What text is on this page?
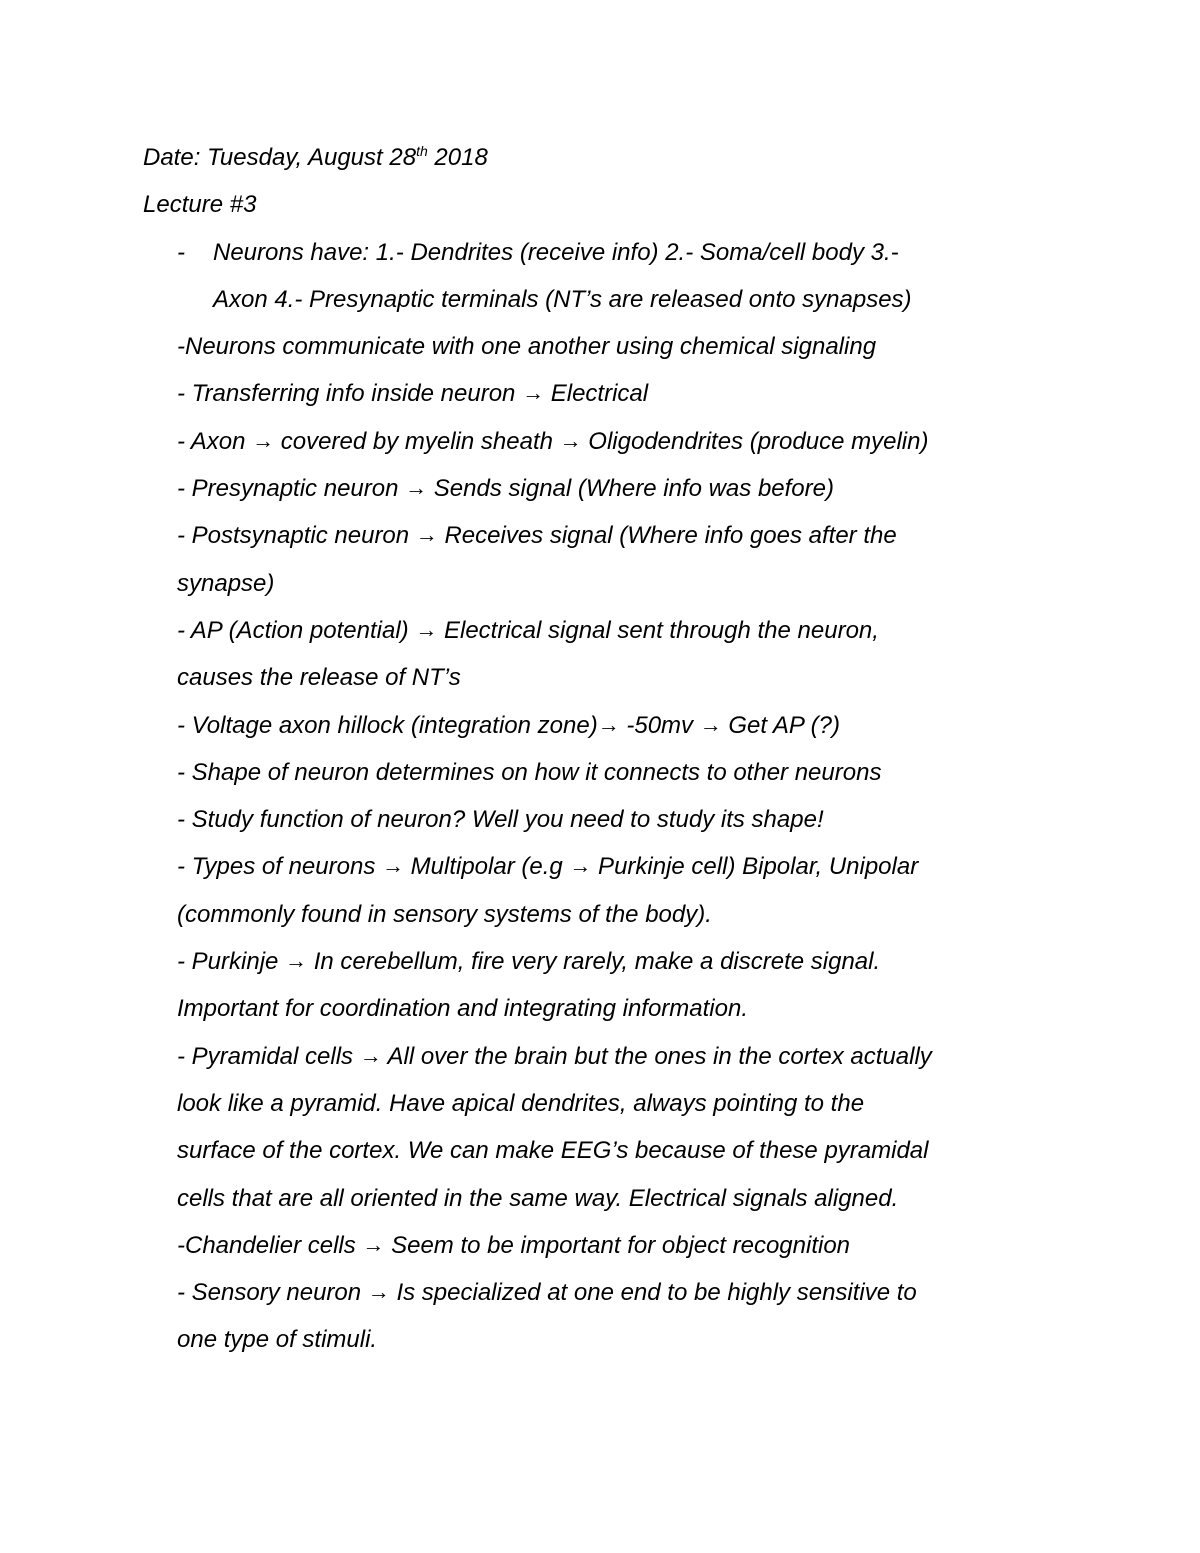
Date: Tuesday, August 28th 2018
Lecture #3
- Neurons have: 1.- Dendrites (receive info) 2.- Soma/cell body 3.-
Axon 4.- Presynaptic terminals (NT’s are released onto synapses)
-Neurons communicate with one another using chemical signaling
- Transferring info inside neuron → Electrical
- Axon → covered by myelin sheath → Oligodendrites (produce myelin)
- Presynaptic neuron → Sends signal (Where info was before)
- Postsynaptic neuron → Receives signal (Where info goes after the
synapse)
- AP (Action potential) → Electrical signal sent through the neuron,
causes the release of NT’s
- Voltage axon hillock (integration zone)→ -50mv → Get AP (?)
- Shape of neuron determines on how it connects to other neurons
- Study function of neuron? Well you need to study its shape!
- Types of neurons → Multipolar (e.g → Purkinje cell) Bipolar, Unipolar
(commonly found in sensory systems of the body).
- Purkinje → In cerebellum, fire very rarely, make a discrete signal.
Important for coordination and integrating information.
- Pyramidal cells → All over the brain but the ones in the cortex actually
look like a pyramid. Have apical dendrites, always pointing to the
surface of the cortex. We can make EEG’s because of these pyramidal
cells that are all oriented in the same way. Electrical signals aligned.
-Chandelier cells → Seem to be important for object recognition
- Sensory neuron → Is specialized at one end to be highly sensitive to
one type of stimuli.
